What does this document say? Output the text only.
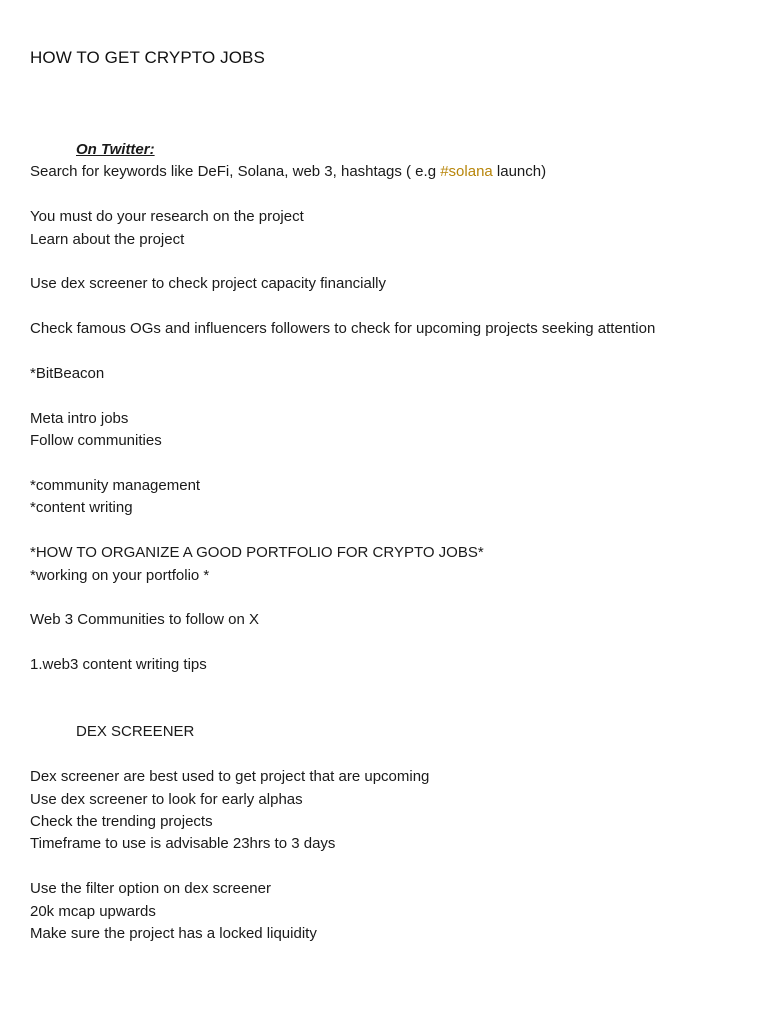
HOW TO GET CRYPTO JOBS
On Twitter:
Search for keywords like DeFi, Solana, web 3, hashtags ( e.g #solana launch)
You must do your research on the project
Learn about the project
Use dex screener to check project capacity financially
Check famous OGs and influencers followers to check for upcoming projects seeking attention
*BitBeacon
Meta intro jobs
Follow communities
*community management
*content writing
*HOW TO ORGANIZE A GOOD PORTFOLIO FOR CRYPTO JOBS*
*working on your portfolio *
Web 3 Communities to follow on X
1.web3 content writing tips
DEX SCREENER
Dex screener are best used to get project that are upcoming
Use dex screener to look for early alphas
Check the trending projects
Timeframe to use is advisable 23hrs to 3 days
Use the filter option on dex screener
20k mcap upwards
Make sure the project has a locked liquidity
